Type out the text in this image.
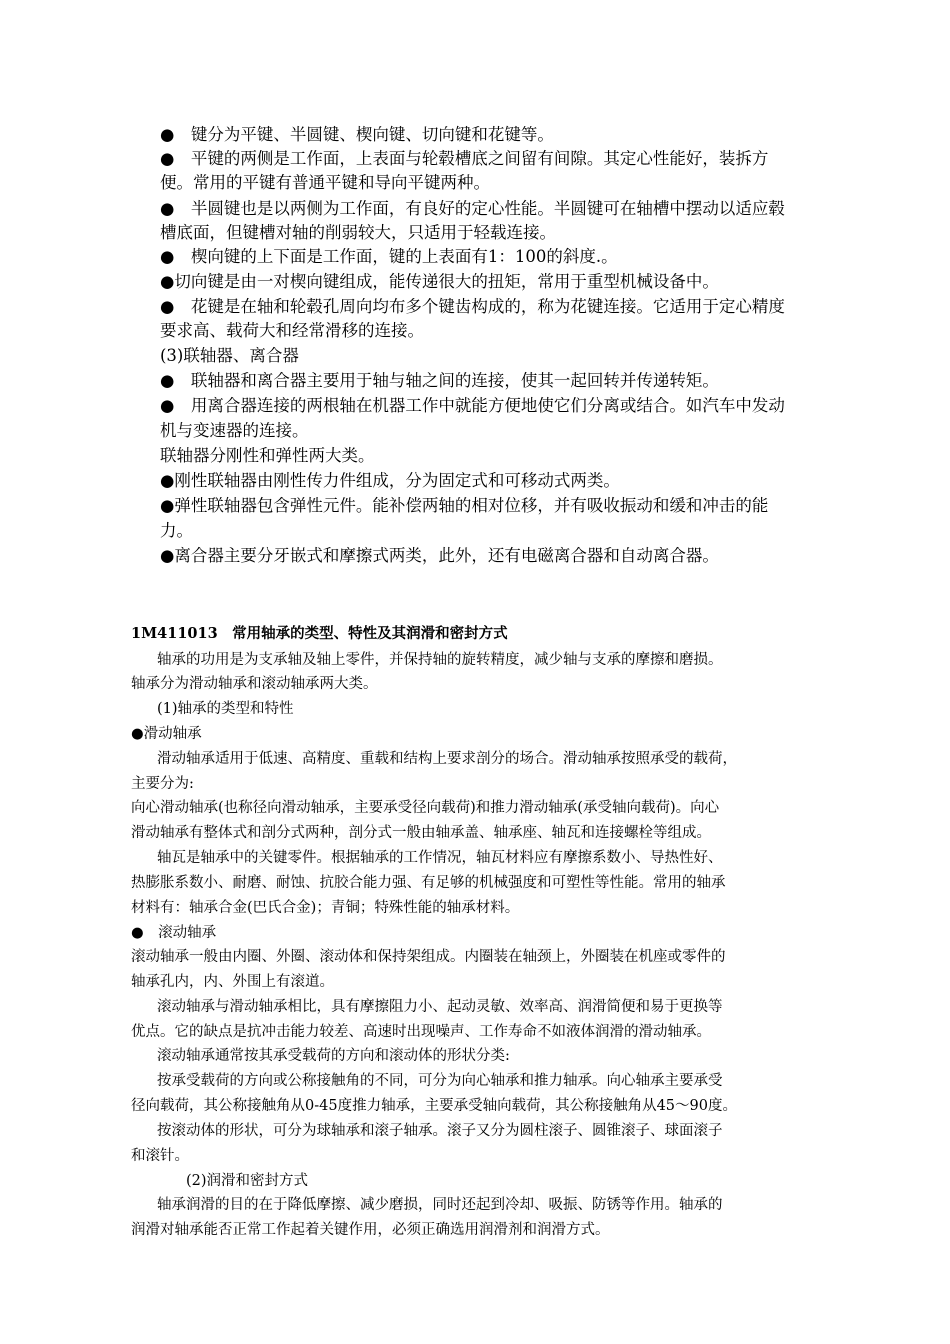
●　键分为平键、半圆键、楔向键、切向键和花键等。
●　平键的两侧是工作面，上表面与轮毂槽底之间留有间隙。其定心性能好，装拆方
便。常用的平键有普通平键和导向平键两种。
●　半圆键也是以两侧为工作面，有良好的定心性能。半圆键可在轴槽中摆动以适应毂
槽底面，但键槽对轴的削弱较大，只适用于轻载连接。
●　楔向键的上下面是工作面，键的上表面有1：100的斜度.。
●切向键是由一对楔向键组成，能传递很大的扭矩，常用于重型机械设备中。
●　花键是在轴和轮毂孔周向均布多个键齿构成的，称为花键连接。它适用于定心精度
要求高、载荷大和经常滑移的连接。
(3)联轴器、离合器
●　联轴器和离合器主要用于轴与轴之间的连接，使其一起回转并传递转矩。
●　用离合器连接的两根轴在机器工作中就能方便地使它们分离或结合。如汽车中发动
机与变速器的连接。
联轴器分刚性和弹性两大类。
●刚性联轴器由刚性传力件组成，分为固定式和可移动式两类。
●弹性联轴器包含弹性元件。能补偿两轴的相对位移，并有吸收振动和缓和冲击的能
力。
●离合器主要分牙嵌式和摩擦式两类，此外，还有电磁离合器和自动离合器。
1M411013　常用轴承的类型、特性及其润滑和密封方式
轴承的功用是为支承轴及轴上零件，并保持轴的旋转精度，减少轴与支承的摩擦和磨损。
轴承分为滑动轴承和滚动轴承两大类。
(1)轴承的类型和特性
●滑动轴承
滑动轴承适用于低速、高精度、重载和结构上要求剖分的场合。滑动轴承按照承受的载荷，
主要分为:
向心滑动轴承(也称径向滑动轴承，主要承受径向载荷)和推力滑动轴承(承受轴向载荷)。向心
滑动轴承有整体式和剖分式两种，剖分式一般由轴承盖、轴承座、轴瓦和连接螺栓等组成。
轴瓦是轴承中的关键零件。根据轴承的工作情况，轴瓦材料应有摩擦系数小、导热性好、
热膨胀系数小、耐磨、耐蚀、抗胶合能力强、有足够的机械强度和可塑性等性能。常用的轴承
材料有：轴承合金(巴氏合金)；青铜；特殊性能的轴承材料。
●　滚动轴承
滚动轴承一般由内圈、外圈、滚动体和保持架组成。内圈装在轴颈上，外圈装在机座或零件的
轴承孔内，内、外围上有滚道。
滚动轴承与滑动轴承相比，具有摩擦阻力小、起动灵敏、效率高、润滑简便和易于更换等
优点。它的缺点是抗冲击能力较差、高速时出现噪声、工作寿命不如液体润滑的滑动轴承。
滚动轴承通常按其承受载荷的方向和滚动体的形状分类:
按承受载荷的方向或公称接触角的不同，可分为向心轴承和推力轴承。向心轴承主要承受
径向载荷，其公称接触角从0-45度推力轴承，主要承受轴向载荷，其公称接触角从45～90度。
按滚动体的形状，可分为球轴承和滚子轴承。滚子又分为圆柱滚子、圆锥滚子、球面滚子
和滚针。
(2)润滑和密封方式
轴承润滑的目的在于降低摩擦、减少磨损，同时还起到冷却、吸振、防锈等作用。轴承的
润滑对轴承能否正常工作起着关键作用，必须正确选用润滑剂和润滑方式。
